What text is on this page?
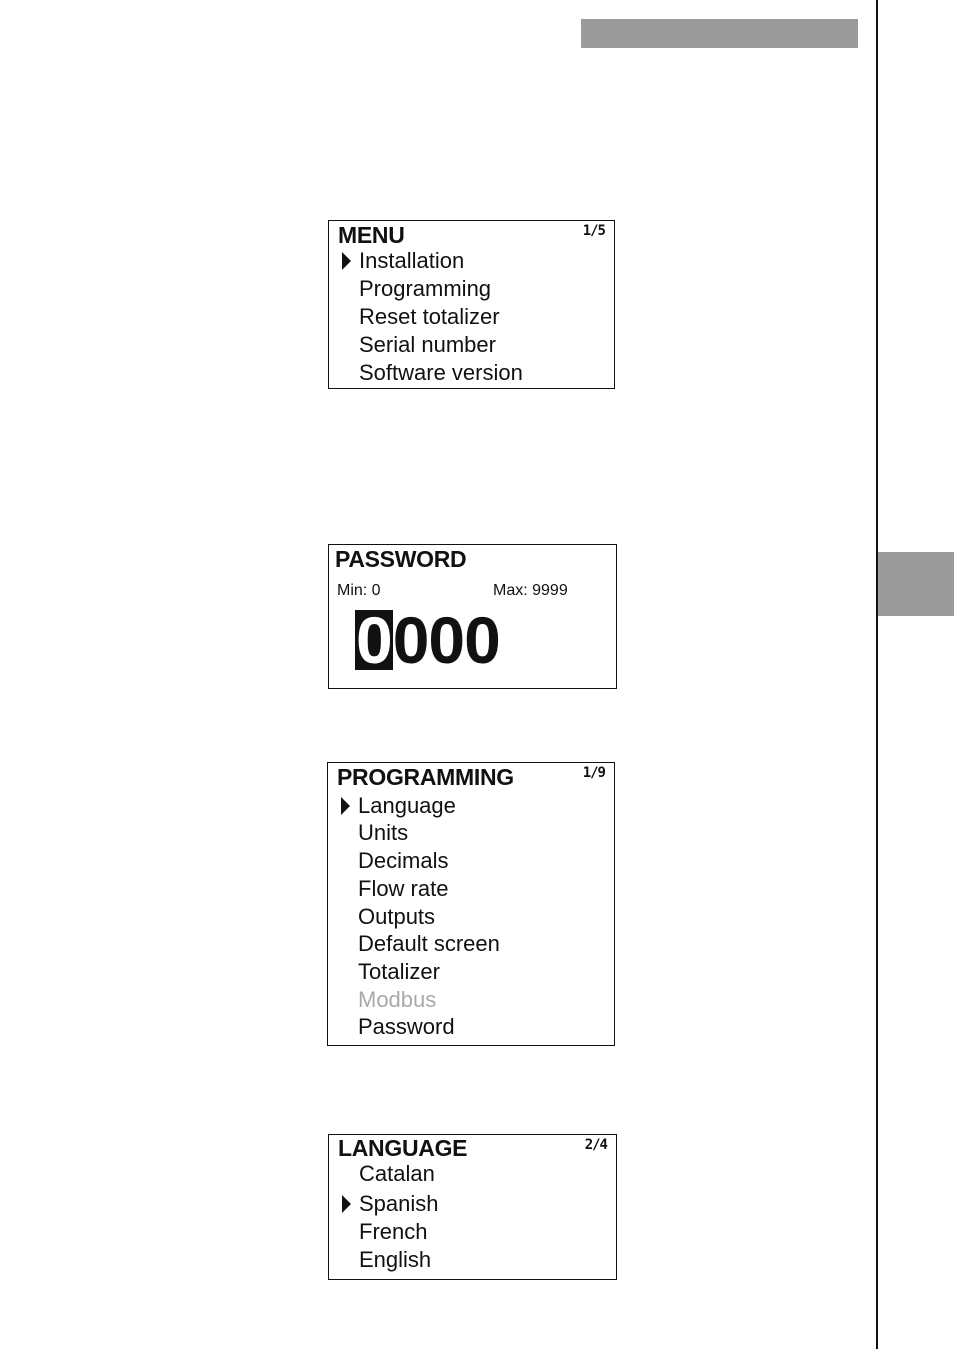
MENU	1/5
Installation
Programming
Reset totalizer
Serial number
Software version
PASSWORD
Min: 0	Max: 9999
0000
PROGRAMMING	1/9
Language
Units
Decimals
Flow rate
Outputs
Default screen
Totalizer
Modbus
Password
LANGUAGE	2/4
Catalan
Spanish
French
English
